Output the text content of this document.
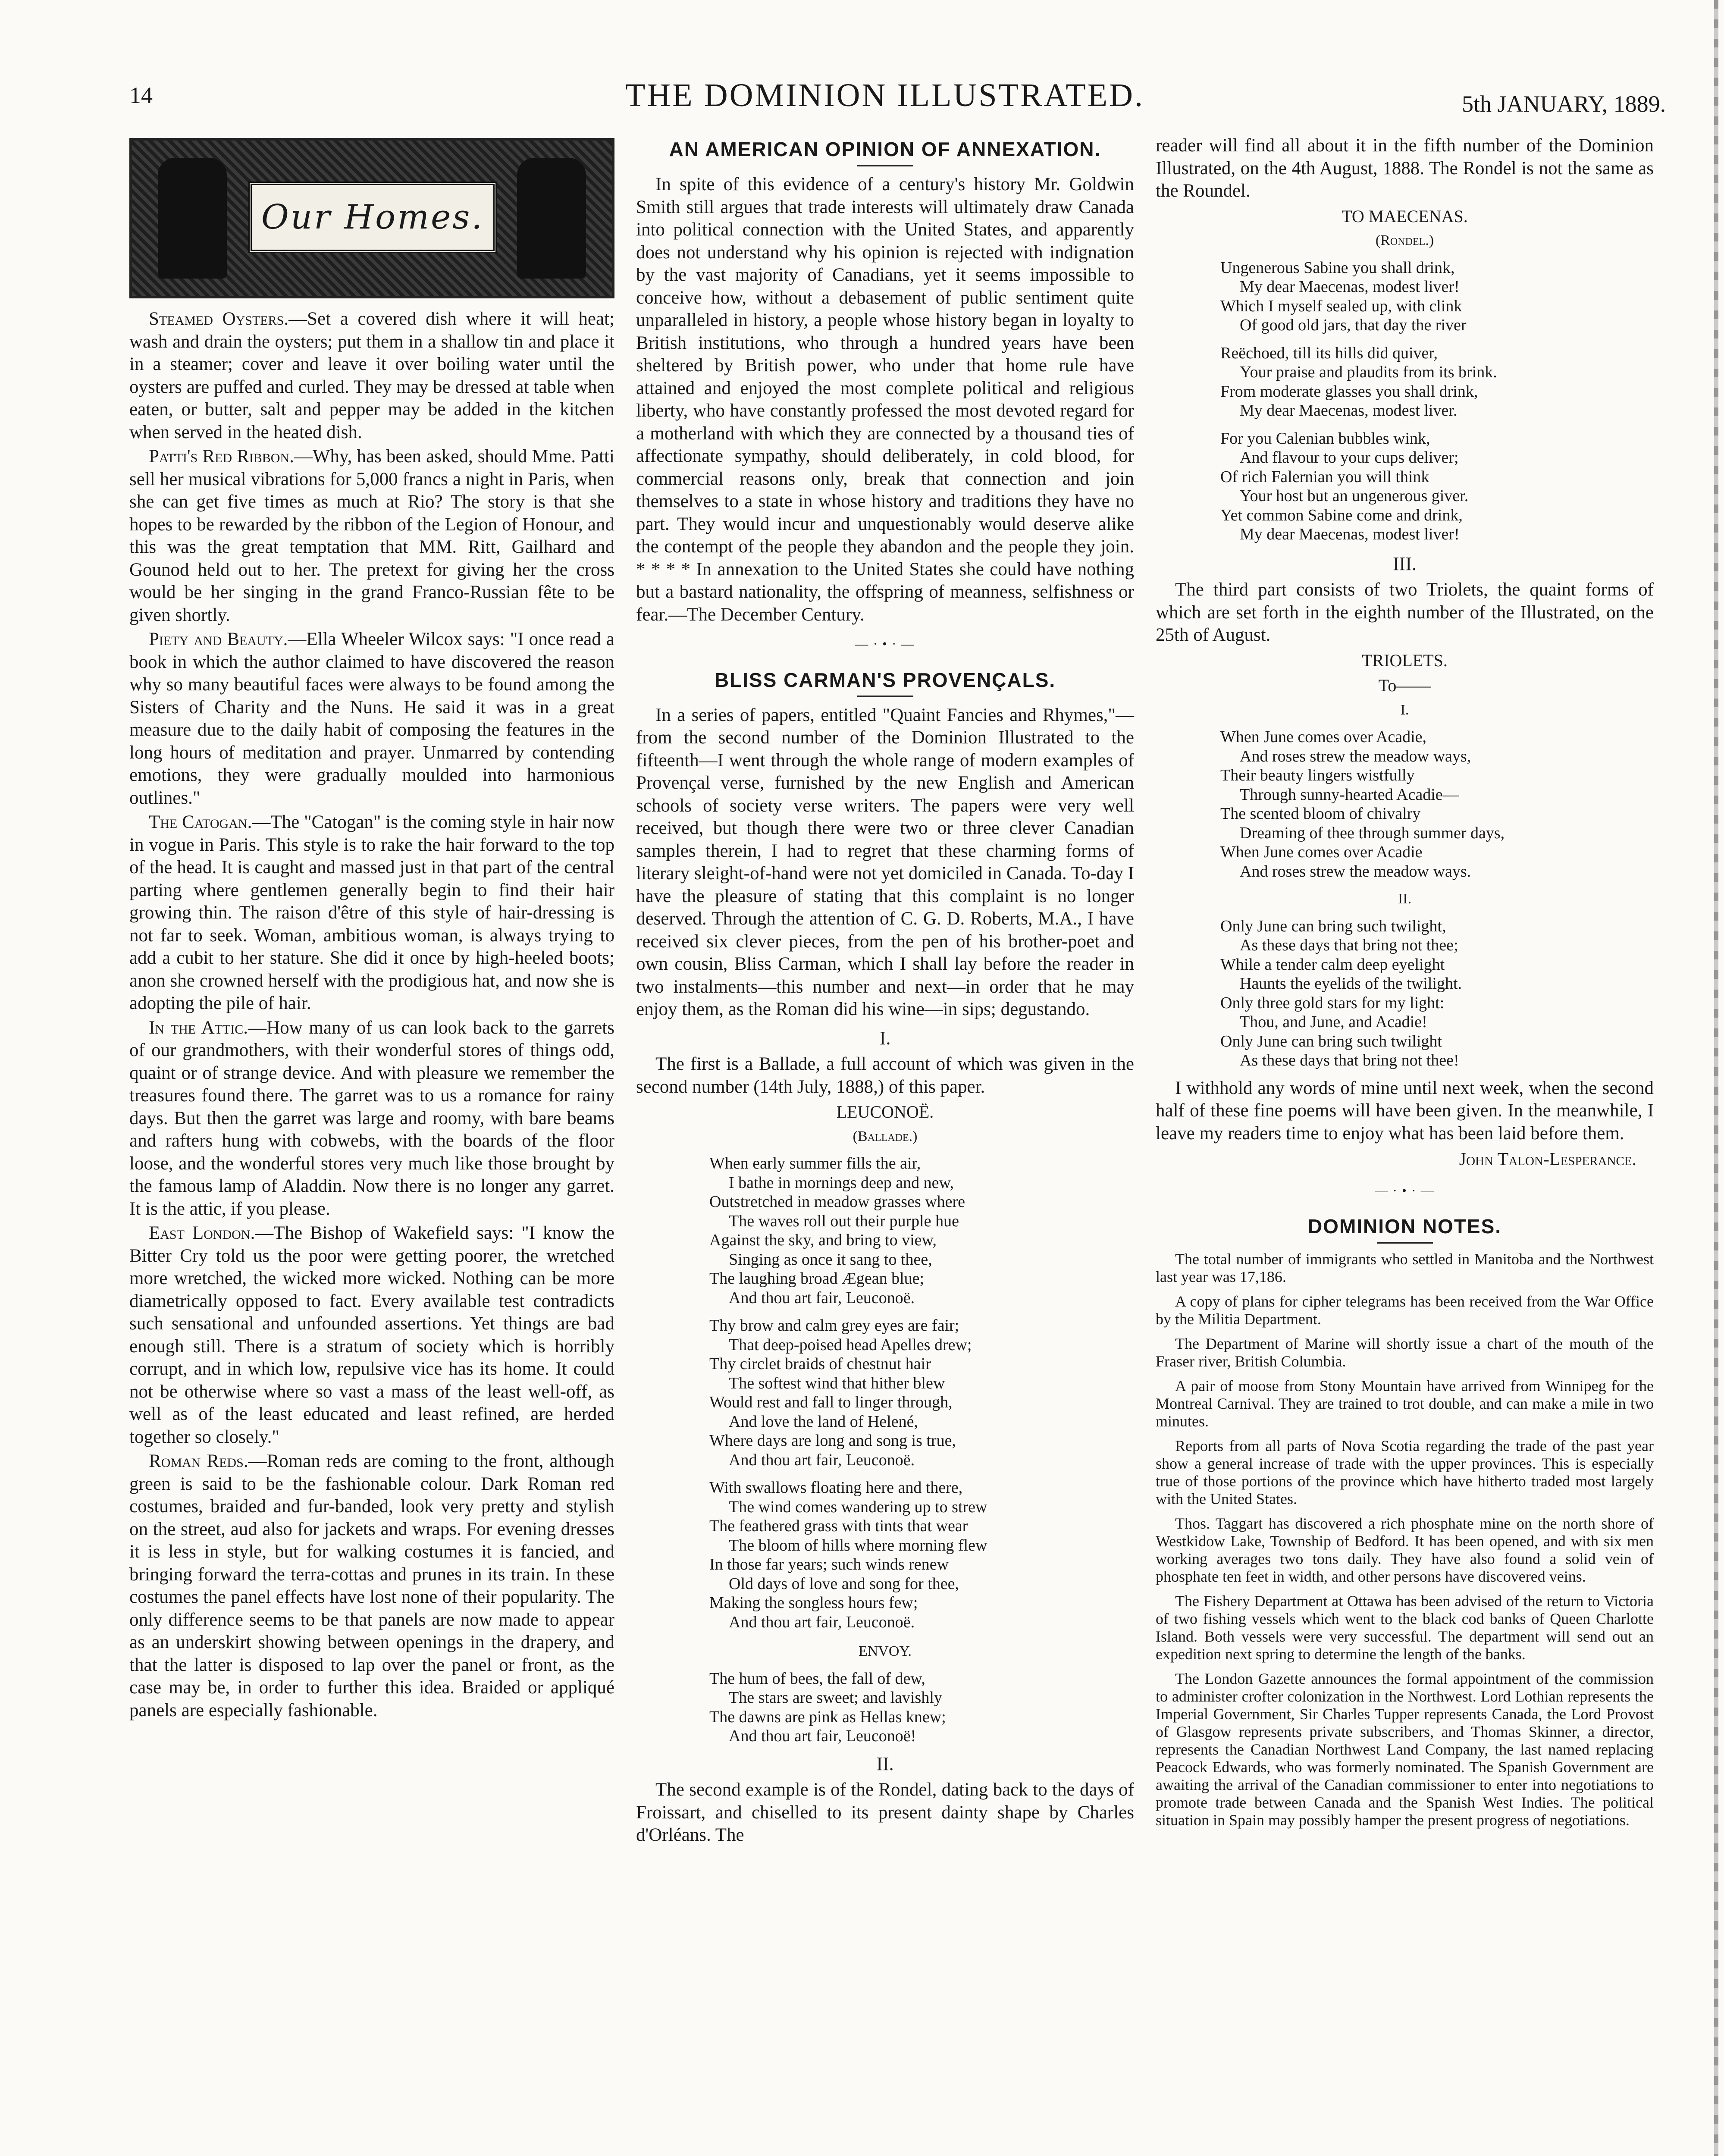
14	THE DOMINION ILLUSTRATED.	5th JANUARY, 1889.
Our Homes.

Steamed Oysters.—Set a covered dish where it will heat; wash and drain the oysters; put them in a shallow tin and place it in a steamer; cover and leave it over boiling water until the oysters are puffed and curled. They may be dressed at table when eaten, or butter, salt and pepper may be added in the kitchen when served in the heated dish.

Patti's Red Ribbon.—Why, has been asked, should Mme. Patti sell her musical vibrations for 5,000 francs a night in Paris, when she can get five times as much at Rio? The story is that she hopes to be rewarded by the ribbon of the Legion of Honour, and this was the great temptation that MM. Ritt, Gailhard and Gounod held out to her. The pretext for giving her the cross would be her singing in the grand Franco-Russian fête to be given shortly.

Piety and Beauty.—Ella Wheeler Wilcox says: "I once read a book in which the author claimed to have discovered the reason why so many beautiful faces were always to be found among the Sisters of Charity and the Nuns. He said it was in a great measure due to the daily habit of composing the features in the long hours of meditation and prayer. Unmarred by contending emotions, they were gradually moulded into harmonious outlines."

The Catogan.—The "Catogan" is the coming style in hair now in vogue in Paris. This style is to rake the hair forward to the top of the head. It is caught and massed just in that part of the central parting where gentlemen generally begin to find their hair growing thin. The raison d'être of this style of hair-dressing is not far to seek. Woman, ambitious woman, is always trying to add a cubit to her stature. She did it once by high-heeled boots; anon she crowned herself with the prodigious hat, and now she is adopting the pile of hair.

In the Attic.—How many of us can look back to the garrets of our grandmothers, with their wonderful stores of things odd, quaint or of strange device. And with pleasure we remember the treasures found there. The garret was to us a romance for rainy days. But then the garret was large and roomy, with bare beams and rafters hung with cobwebs, with the boards of the floor loose, and the wonderful stores very much like those brought by the famous lamp of Aladdin. Now there is no longer any garret. It is the attic, if you please.

East London.—The Bishop of Wakefield says: "I know the Bitter Cry told us the poor were getting poorer, the wretched more wretched, the wicked more wicked. Nothing can be more diametrically opposed to fact. Every available test contradicts such sensational and unfounded assertions. Yet things are bad enough still. There is a stratum of society which is horribly corrupt, and in which low, repulsive vice has its home. It could not be otherwise where so vast a mass of the least well-off, as well as of the least educated and least refined, are herded together so closely."

Roman Reds.—Roman reds are coming to the front, although green is said to be the fashionable colour. Dark Roman red costumes, braided and fur-banded, look very pretty and stylish on the street, aud also for jackets and wraps. For evening dresses it is less in style, but for walking costumes it is fancied, and bringing forward the terra-cottas and prunes in its train. In these costumes the panel effects have lost none of their popularity. The only difference seems to be that panels are now made to appear as an underskirt showing between openings in the drapery, and that the latter is disposed to lap over the panel or front, as the case may be, in order to further this idea. Braided or appliqué panels are especially fashionable.

AN AMERICAN OPINION OF ANNEXATION.

In spite of this evidence of a century's history Mr. Goldwin Smith still argues that trade interests will ultimately draw Canada into political connection with the United States, and apparently does not understand why his opinion is rejected with indignation by the vast majority of Canadians, yet it seems impossible to conceive how, without a debasement of public sentiment quite unparalleled in history, a people whose history began in loyalty to British institutions, who through a hundred years have been sheltered by British power, who under that home rule have attained and enjoyed the most complete political and religious liberty, who have constantly professed the most devoted regard for a motherland with which they are connected by a thousand ties of affectionate sympathy, should deliberately, in cold blood, for commercial reasons only, break that connection and join themselves to a state in whose history and traditions they have no part. They would incur and unquestionably would deserve alike the contempt of the people they abandon and the people they join. * * * * In annexation to the United States she could have nothing but a bastard nationality, the offspring of meanness, selfishness or fear.—The December Century.

— · • · —
BLISS CARMAN'S PROVENÇALS.

In a series of papers, entitled "Quaint Fancies and Rhymes,"—from the second number of the Dominion Illustrated to the fifteenth—I went through the whole range of modern examples of Provençal verse, furnished by the new English and American schools of society verse writers. The papers were very well received, but though there were two or three clever Canadian samples therein, I had to regret that these charming forms of literary sleight-of-hand were not yet domiciled in Canada. To-day I have the pleasure of stating that this complaint is no longer deserved. Through the attention of C. G. D. Roberts, M.A., I have received six clever pieces, from the pen of his brother-poet and own cousin, Bliss Carman, which I shall lay before the reader in two instalments—this number and next—in order that he may enjoy them, as the Roman did his wine—in sips; degustando.

I.

The first is a Ballade, a full account of which was given in the second number (14th July, 1888,) of this paper.

LEUCONOË.
(Ballade.)
When early summer fills the air,
I bathe in mornings deep and new,
Outstretched in meadow grasses where
The waves roll out their purple hue
Against the sky, and bring to view,
Singing as once it sang to thee,
The laughing broad Ægean blue;
And thou art fair, Leuconoë.
Thy brow and calm grey eyes are fair;
That deep-poised head Apelles drew;
Thy circlet braids of chestnut hair
The softest wind that hither blew
Would rest and fall to linger through,
And love the land of Helené,
Where days are long and song is true,
And thou art fair, Leuconoë.
With swallows floating here and there,
The wind comes wandering up to strew
The feathered grass with tints that wear
The bloom of hills where morning flew
In those far years; such winds renew
Old days of love and song for thee,
Making the songless hours few;
And thou art fair, Leuconoë.
ENVOY.
The hum of bees, the fall of dew,
The stars are sweet; and lavishly
The dawns are pink as Hellas knew;
And thou art fair, Leuconoë!
II.

The second example is of the Rondel, dating back to the days of Froissart, and chiselled to its present dainty shape by Charles d'Orléans. The

reader will find all about it in the fifth number of the Dominion Illustrated, on the 4th August, 1888. The Rondel is not the same as the Roundel.

TO MAECENAS.
(Rondel.)
Ungenerous Sabine you shall drink,
My dear Maecenas, modest liver!
Which I myself sealed up, with clink
Of good old jars, that day the river
Reëchoed, till its hills did quiver,
Your praise and plaudits from its brink.
From moderate glasses you shall drink,
My dear Maecenas, modest liver.
For you Calenian bubbles wink,
And flavour to your cups deliver;
Of rich Falernian you will think
Your host but an ungenerous giver.
Yet common Sabine come and drink,
My dear Maecenas, modest liver!
III.

The third part consists of two Triolets, the quaint forms of which are set forth in the eighth number of the Illustrated, on the 25th of August.

TRIOLETS.
To——
I.
When June comes over Acadie,
And roses strew the meadow ways,
Their beauty lingers wistfully
Through sunny-hearted Acadie—
The scented bloom of chivalry
Dreaming of thee through summer days,
When June comes over Acadie
And roses strew the meadow ways.
II.
Only June can bring such twilight,
As these days that bring not thee;
While a tender calm deep eyelight
Haunts the eyelids of the twilight.
Only three gold stars for my light:
Thou, and June, and Acadie!
Only June can bring such twilight
As these days that bring not thee!

I withhold any words of mine until next week, when the second half of these fine poems will have been given. In the meanwhile, I leave my readers time to enjoy what has been laid before them.

John Talon-Lesperance.
— · • · —
DOMINION NOTES.

The total number of immigrants who settled in Manitoba and the Northwest last year was 17,186.

A copy of plans for cipher telegrams has been received from the War Office by the Militia Department.

The Department of Marine will shortly issue a chart of the mouth of the Fraser river, British Columbia.

A pair of moose from Stony Mountain have arrived from Winnipeg for the Montreal Carnival. They are trained to trot double, and can make a mile in two minutes.

Reports from all parts of Nova Scotia regarding the trade of the past year show a general increase of trade with the upper provinces. This is especially true of those portions of the province which have hitherto traded most largely with the United States.

Thos. Taggart has discovered a rich phosphate mine on the north shore of Westkidow Lake, Township of Bedford. It has been opened, and with six men working averages two tons daily. They have also found a solid vein of phosphate ten feet in width, and other persons have discovered veins.

The Fishery Department at Ottawa has been advised of the return to Victoria of two fishing vessels which went to the black cod banks of Queen Charlotte Island. Both vessels were very successful. The department will send out an expedition next spring to determine the length of the banks.

The London Gazette announces the formal appointment of the commission to administer crofter colonization in the Northwest. Lord Lothian represents the Imperial Government, Sir Charles Tupper represents Canada, the Lord Provost of Glasgow represents private subscribers, and Thomas Skinner, a director, represents the Canadian Northwest Land Company, the last named replacing Peacock Edwards, who was formerly nominated. The Spanish Government are awaiting the arrival of the Canadian commissioner to enter into negotiations to promote trade between Canada and the Spanish West Indies. The political situation in Spain may possibly hamper the present progress of negotiations.
